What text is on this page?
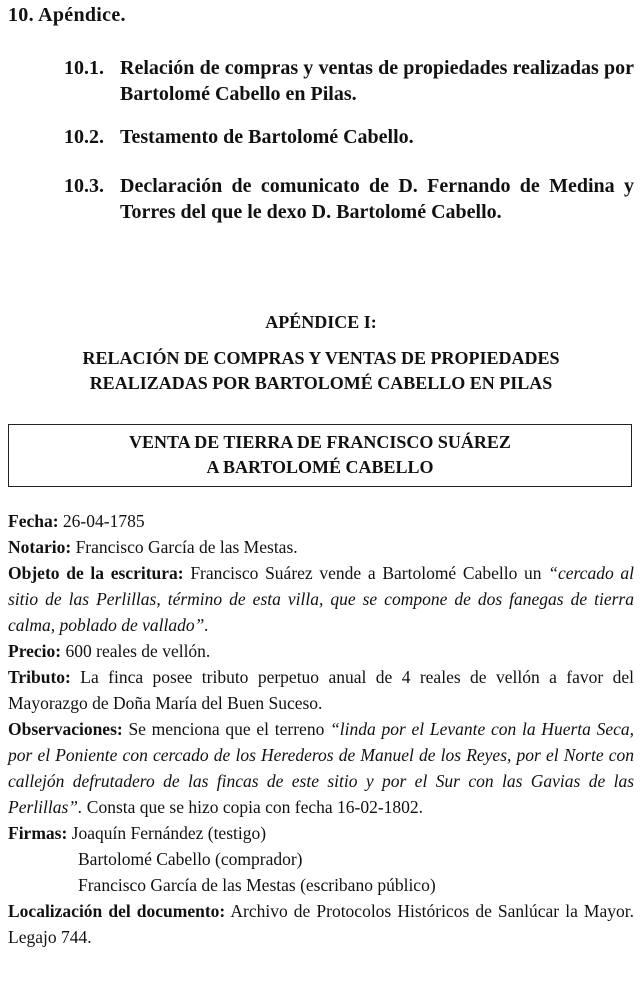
10. Apéndice.
10.1. Relación de compras y ventas de propiedades realizadas por Bartolomé Cabello en Pilas.
10.2. Testamento de Bartolomé Cabello.
10.3. Declaración de comunicato de D. Fernando de Medina y Torres del que le dexo D. Bartolomé Cabello.
APÉNDICE I:
RELACIÓN DE COMPRAS Y VENTAS DE PROPIEDADES
REALIZADAS POR BARTOLOMÉ CABELLO EN PILAS
VENTA DE TIERRA DE FRANCISCO SUÁREZ
A BARTOLOMÉ CABELLO
Fecha: 26-04-1785
Notario: Francisco García de las Mestas.
Objeto de la escritura: Francisco Suárez vende a Bartolomé Cabello un “cercado al sitio de las Perlillas, término de esta villa, que se compone de dos fanegas de tierra calma, poblado de vallado”.
Precio: 600 reales de vellón.
Tributo: La finca posee tributo perpetuo anual de 4 reales de vellón a favor del Mayorazgo de Doña María del Buen Suceso.
Observaciones: Se menciona que el terreno “linda por el Levante con la Huerta Seca, por el Poniente con cercado de los Herederos de Manuel de los Reyes, por el Norte con callejón defrutadero de las fincas de este sitio y por el Sur con las Gavias de las Perlillas”. Consta que se hizo copia con fecha 16-02-1802.
Firmas: Joaquín Fernández (testigo)
Bartolomé Cabello (comprador)
Francisco García de las Mestas (escribano público)
Localización del documento: Archivo de Protocolos Históricos de Sanlúcar la Mayor. Legajo 744.
